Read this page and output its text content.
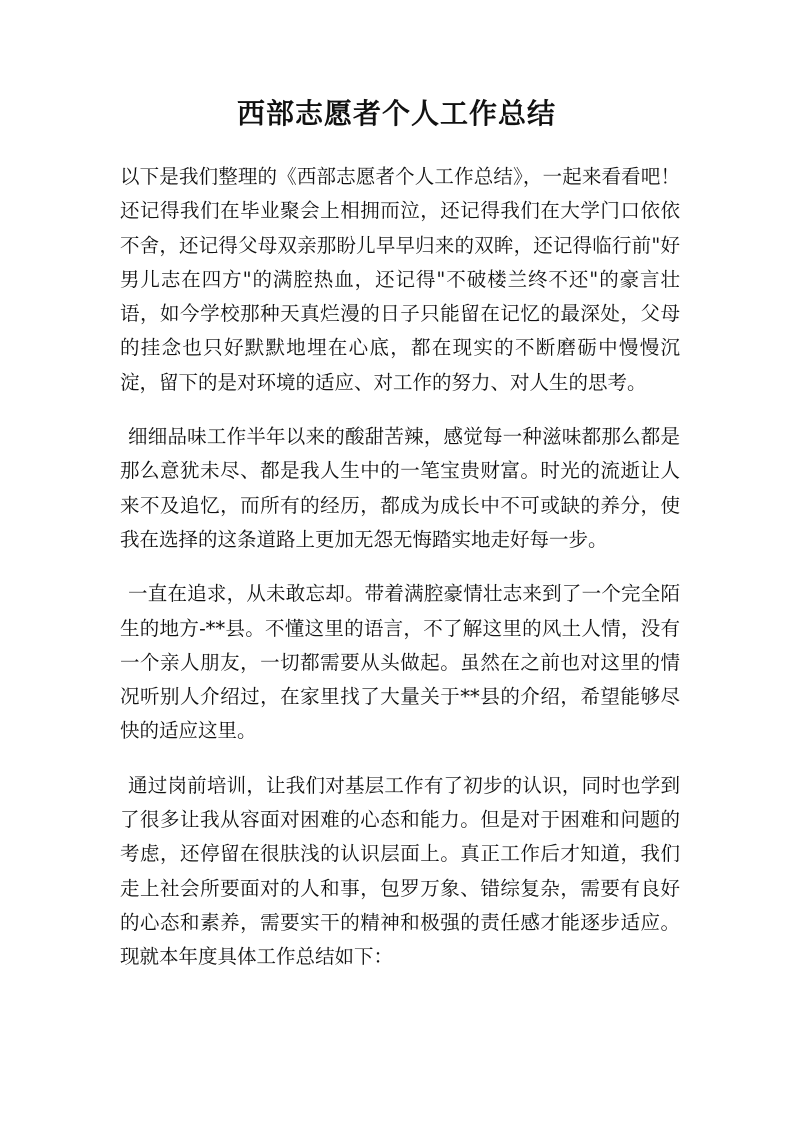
西部志愿者个人工作总结

以下是我们整理的《西部志愿者个人工作总结》，一起来看看吧！还记得我们在毕业聚会上相拥而泣，还记得我们在大学门口依依不舍，还记得父母双亲那盼儿早早归来的双眸，还记得临行前"好男儿志在四方"的满腔热血，还记得"不破楼兰终不还"的豪言壮语，如今学校那种天真烂漫的日子只能留在记忆的最深处，父母的挂念也只好默默地埋在心底，都在现实的不断磨砺中慢慢沉淀，留下的是对环境的适应、对工作的努力、对人生的思考。

细细品味工作半年以来的酸甜苦辣，感觉每一种滋味都那么都是那么意犹未尽、都是我人生中的一笔宝贵财富。时光的流逝让人来不及追忆，而所有的经历，都成为成长中不可或缺的养分，使我在选择的这条道路上更加无怨无悔踏实地走好每一步。

一直在追求，从未敢忘却。带着满腔豪情壮志来到了一个完全陌生的地方-**县。不懂这里的语言，不了解这里的风土人情，没有一个亲人朋友，一切都需要从头做起。虽然在之前也对这里的情况听别人介绍过，在家里找了大量关于**县的介绍，希望能够尽快的适应这里。

通过岗前培训，让我们对基层工作有了初步的认识，同时也学到了很多让我从容面对困难的心态和能力。但是对于困难和问题的考虑，还停留在很肤浅的认识层面上。真正工作后才知道，我们走上社会所要面对的人和事，包罗万象、错综复杂，需要有良好的心态和素养，需要实干的精神和极强的责任感才能逐步适应。现就本年度具体工作总结如下：
